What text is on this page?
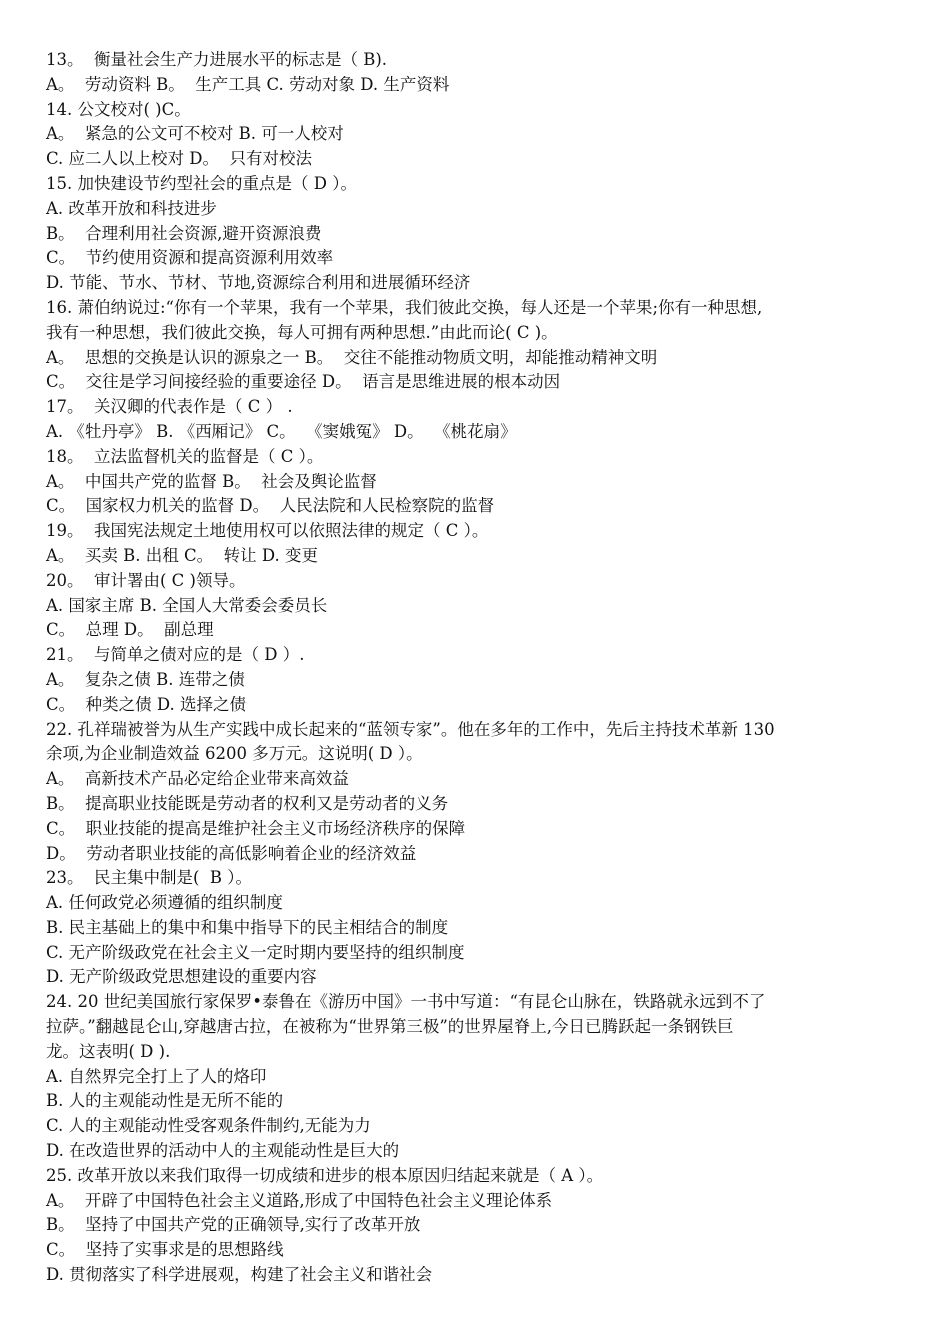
13。  衡量社会生产力进展水平的标志是（ B).
A。  劳动资料 B。  生产工具 C. 劳动对象 D. 生产资料
14. 公文校对( )C。
A。  紧急的公文可不校对 B. 可一人校对
C. 应二人以上校对 D。  只有对校法
15. 加快建设节约型社会的重点是（ D ）。
A. 改革开放和科技进步
B。  合理利用社会资源,避开资源浪费
C。  节约使用资源和提高资源利用效率
D. 节能、节水、节材、节地,资源综合利用和进展循环经济
16. 萧伯纳说过:“你有一个苹果，我有一个苹果，我们彼此交换，每人还是一个苹果;你有一种思想,
我有一种思想，我们彼此交换，每人可拥有两种思想.”由此而论( C )。
A。  思想的交换是认识的源泉之一 B。  交往不能推动物质文明，却能推动精神文明
C。  交往是学习间接经验的重要途径 D。  语言是思维进展的根本动因
17。  关汉卿的代表作是（ C ） .
A. 《牡丹亭》 B. 《西厢记》 C。  《窦娥冤》 D。  《桃花扇》
18。  立法监督机关的监督是（ C ）。
A。  中国共产党的监督 B。  社会及舆论监督
C。  国家权力机关的监督 D。  人民法院和人民检察院的监督
19。  我国宪法规定土地使用权可以依照法律的规定（ C ）。
A。  买卖 B. 出租 C。  转让 D. 变更
20。  审计署由( C )领导。
A. 国家主席 B. 全国人大常委会委员长
C。  总理 D。  副总理
21。  与简单之债对应的是（ D ）.
A。  复杂之债 B. 连带之债
C。  种类之债 D. 选择之债
22. 孔祥瑞被誉为从生产实践中成长起来的“蓝领专家”。他在多年的工作中，先后主持技术革新 130
余项,为企业制造效益 6200 多万元。这说明( D ）。
A。  高新技术产品必定给企业带来高效益
B。  提高职业技能既是劳动者的权利又是劳动者的义务
C。  职业技能的提高是维护社会主义市场经济秩序的保障
D。  劳动者职业技能的高低影响着企业的经济效益
23。  民主集中制是(  B ）。
A. 任何政党必须遵循的组织制度
B. 民主基础上的集中和集中指导下的民主相结合的制度
C. 无产阶级政党在社会主义一定时期内要坚持的组织制度
D. 无产阶级政党思想建设的重要内容
24. 20 世纪美国旅行家保罗•泰鲁在《游历中国》一书中写道：“有昆仑山脉在，铁路就永远到不了
拉萨。”翻越昆仑山,穿越唐古拉，在被称为“世界第三极”的世界屋脊上,今日已腾跃起一条钢铁巨
龙。这表明( D ).
A. 自然界完全打上了人的烙印
B. 人的主观能动性是无所不能的
C. 人的主观能动性受客观条件制约,无能为力
D. 在改造世界的活动中人的主观能动性是巨大的
25. 改革开放以来我们取得一切成绩和进步的根本原因归结起来就是（ A ）。
A。  开辟了中国特色社会主义道路,形成了中国特色社会主义理论体系
B。  坚持了中国共产党的正确领导,实行了改革开放
C。  坚持了实事求是的思想路线
D. 贯彻落实了科学进展观，构建了社会主义和谐社会
